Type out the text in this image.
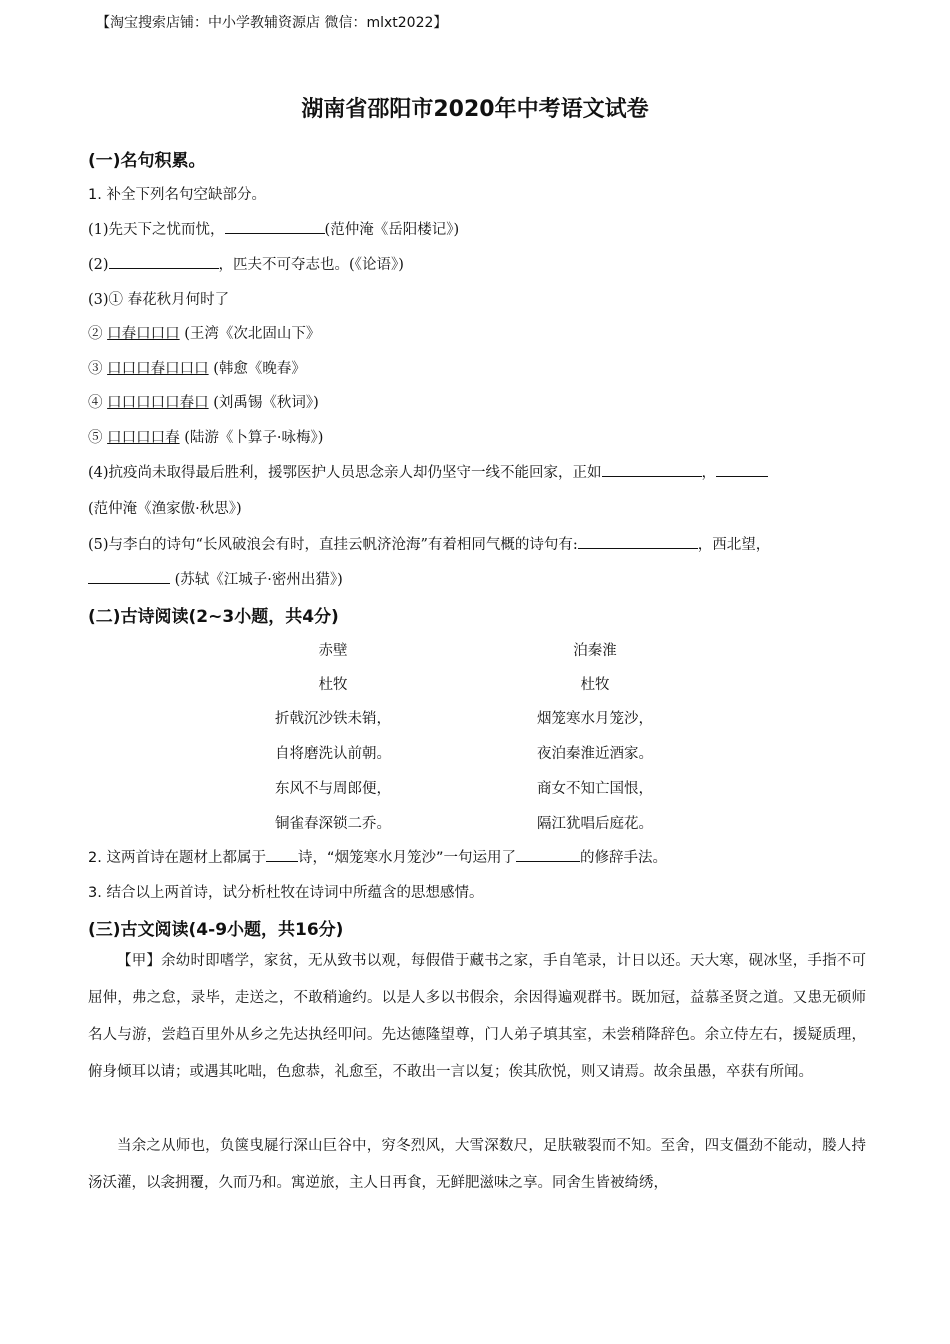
【淘宝搜索店铺：中小学教辅资源店 微信：mlxt2022】
湖南省邵阳市2020年中考语文试卷
(一)名句积累。
1. 补全下列名句空缺部分。
(1)先天下之忧而忧，	(范仲淹《岳阳楼记》)
(2)	，匹夫不可夺志也。(《论语》)
(3)① 春花秋月何时了
② 口春口口口 (王湾《次北固山下》
③ 口口口春口口口 (韩愈《晚春》
④ 口口口口口春口 (刘禹锡《秋词》)
⑤ 口口口口春 (陆游《卜算子·咏梅》)
(4)抗疫尚未取得最后胜利，援鄂医护人员思念亲人却仍坚守一线不能回家，正如	，
(范仲淹《渔家傲·秋思》)
(5)与李白的诗句“长风破浪会有时，直挂云帆济沧海”有着相同气概的诗句有:	，西北望，
(苏轼《江城子·密州出猎》)
(二)古诗阅读(2~3小题，共4分)
赤壁
杜牧
折戟沉沙铁未销，
自将磨洗认前朝。
东风不与周郎便，
铜雀春深锁二乔。
泊秦淮
杜牧
烟笼寒水月笼沙，
夜泊秦淮近酒家。
商女不知亡国恨，
隔江犹唱后庭花。
2. 这两首诗在题材上都属于 诗，“烟笼寒水月笼沙”一句运用了	的修辞手法。
3. 结合以上两首诗，试分析杜牧在诗词中所蕴含的思想感情。
(三)古文阅读(4-9小题，共16分)
【甲】余幼时即嗜学，家贫，无从致书以观，每假借于藏书之家，手自笔录，计日以还。天大寒，砚冰坚，手指不可屈伸，弗之怠，录毕，走送之，不敢稍逾约。以是人多以书假余，余因得遍观群书。既加冠，益慕圣贤之道。又患无硕师名人与游，尝趋百里外从乡之先达执经叩问。先达德隆望尊，门人弟子填其室，未尝稍降辞色。余立侍左右，援疑质理，俯身倾耳以请；或遇其叱咄，色愈恭，礼愈至，不敢出一言以复；俟其欣悦，则又请焉。故余虽愚，卒获有所闻。
当余之从师也，负箧曳屣行深山巨谷中，穷冬烈风，大雪深数尺，足肤皲裂而不知。至舍，四支僵劲不能动，媵人持汤沃灌，以衾拥覆，久而乃和。寓逆旅，主人日再食，无鲜肥滋味之享。同舍生皆被绮绣，
